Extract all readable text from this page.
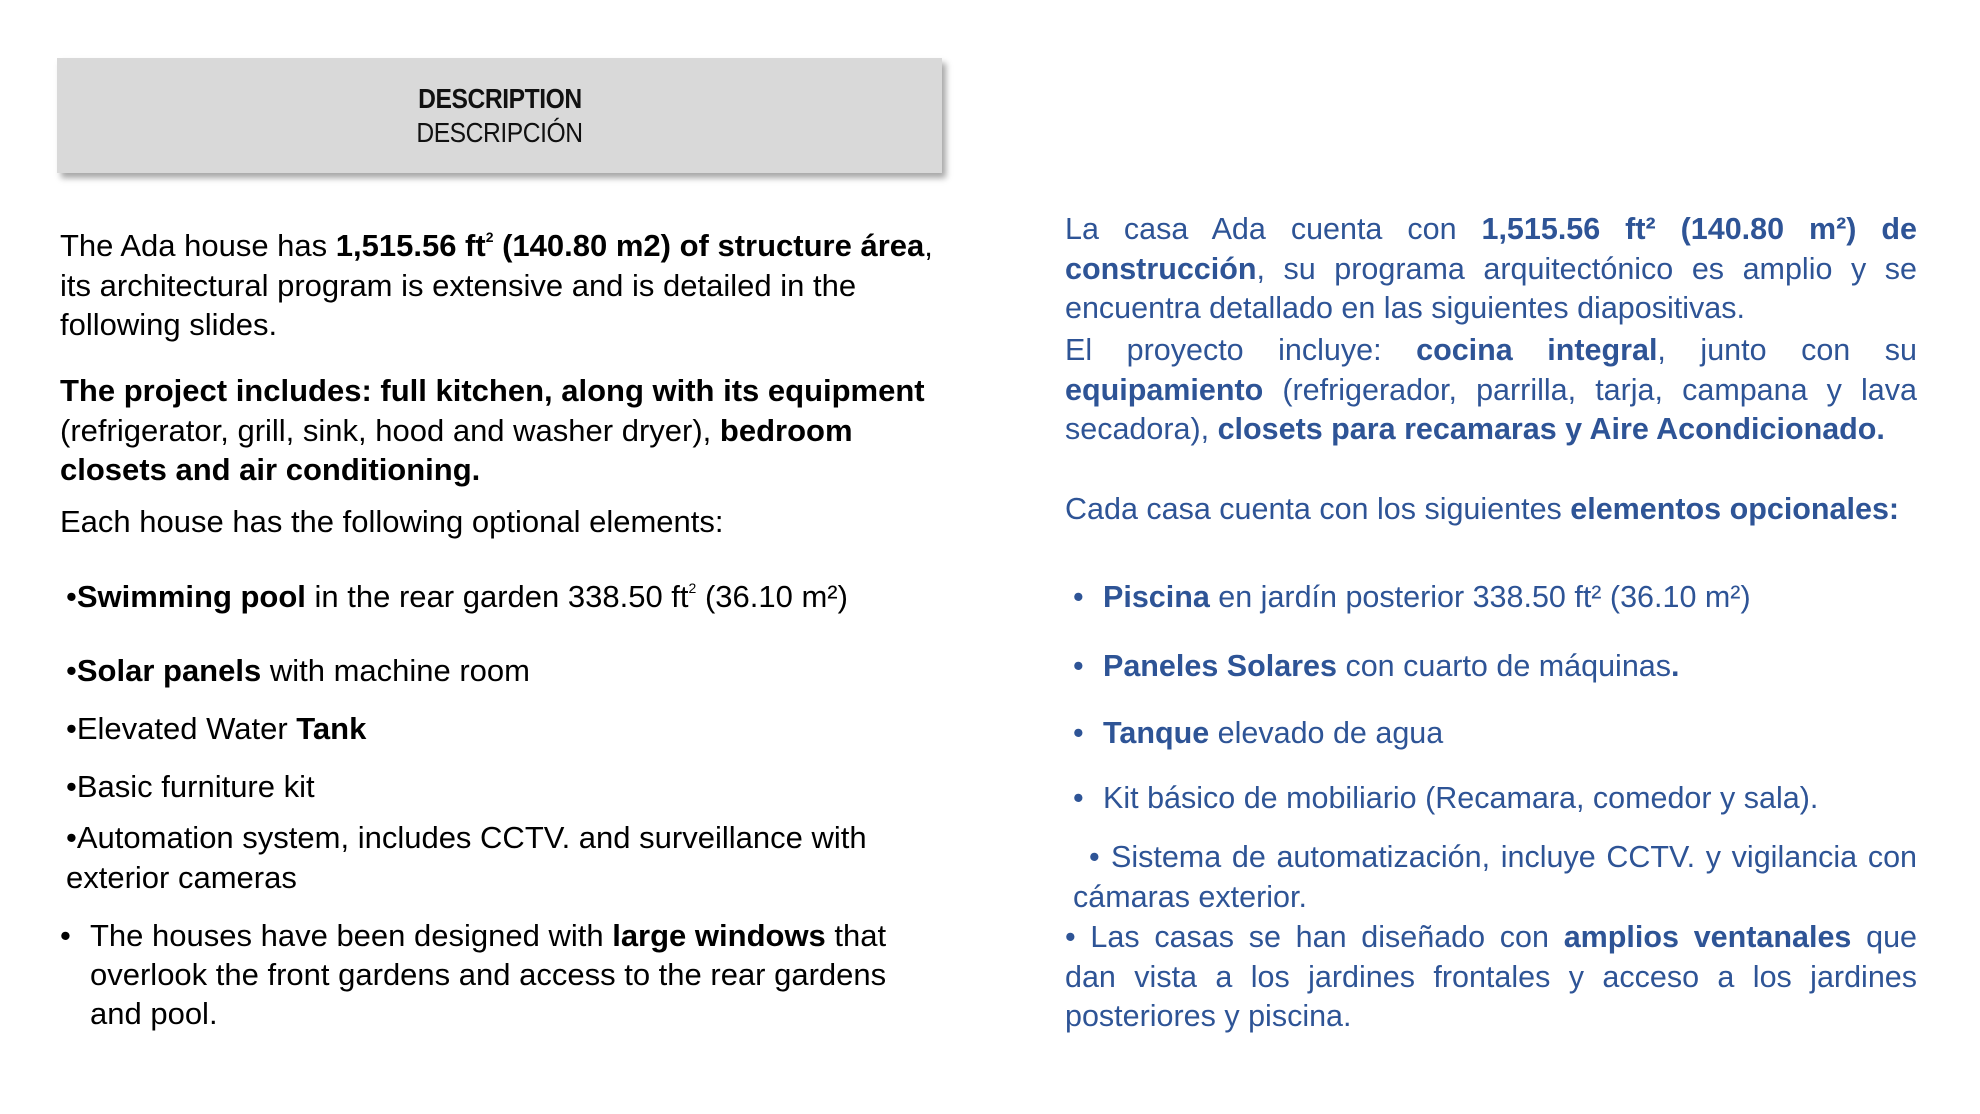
DESCRIPTION
DESCRIPCIÓN
The Ada house has 1,515.56 $ft^2$ (140.80 m2) of structure área, its architectural program is extensive and is detailed in the following slides.
The project includes: full kitchen, along with its equipment (refrigerator, grill, sink, hood and washer dryer), bedroom closets and air conditioning.
Each house has the following optional elements:
•Swimming pool in the rear garden 338.50 $ft^2$ (36.10 m²)
•Solar panels with machine room
•Elevated Water Tank
•Basic furniture kit
•Automation system, includes CCTV. and surveillance with exterior cameras
• The houses have been designed with large windows that overlook the front gardens and access to the rear gardens and pool.
La casa Ada cuenta con 1,515.56 ft² (140.80 m²) de construcción, su programa arquitectónico es amplio y se encuentra detallado en las siguientes diapositivas.
El proyecto incluye: cocina integral, junto con su equipamiento (refrigerador, parrilla, tarja, campana y lava secadora), closets para recamaras y Aire Acondicionado.
Cada casa cuenta con los siguientes elementos opcionales:
• Piscina en jardín posterior 338.50 ft² (36.10 m²)
• Paneles Solares con cuarto de máquinas.
• Tanque elevado de agua
• Kit básico de mobiliario (Recamara, comedor y sala).
• Sistema de automatización, incluye CCTV. y vigilancia con cámaras exterior.
• Las casas se han diseñado con amplios ventanales que dan vista a los jardines frontales y acceso a los jardines posteriores y piscina.
